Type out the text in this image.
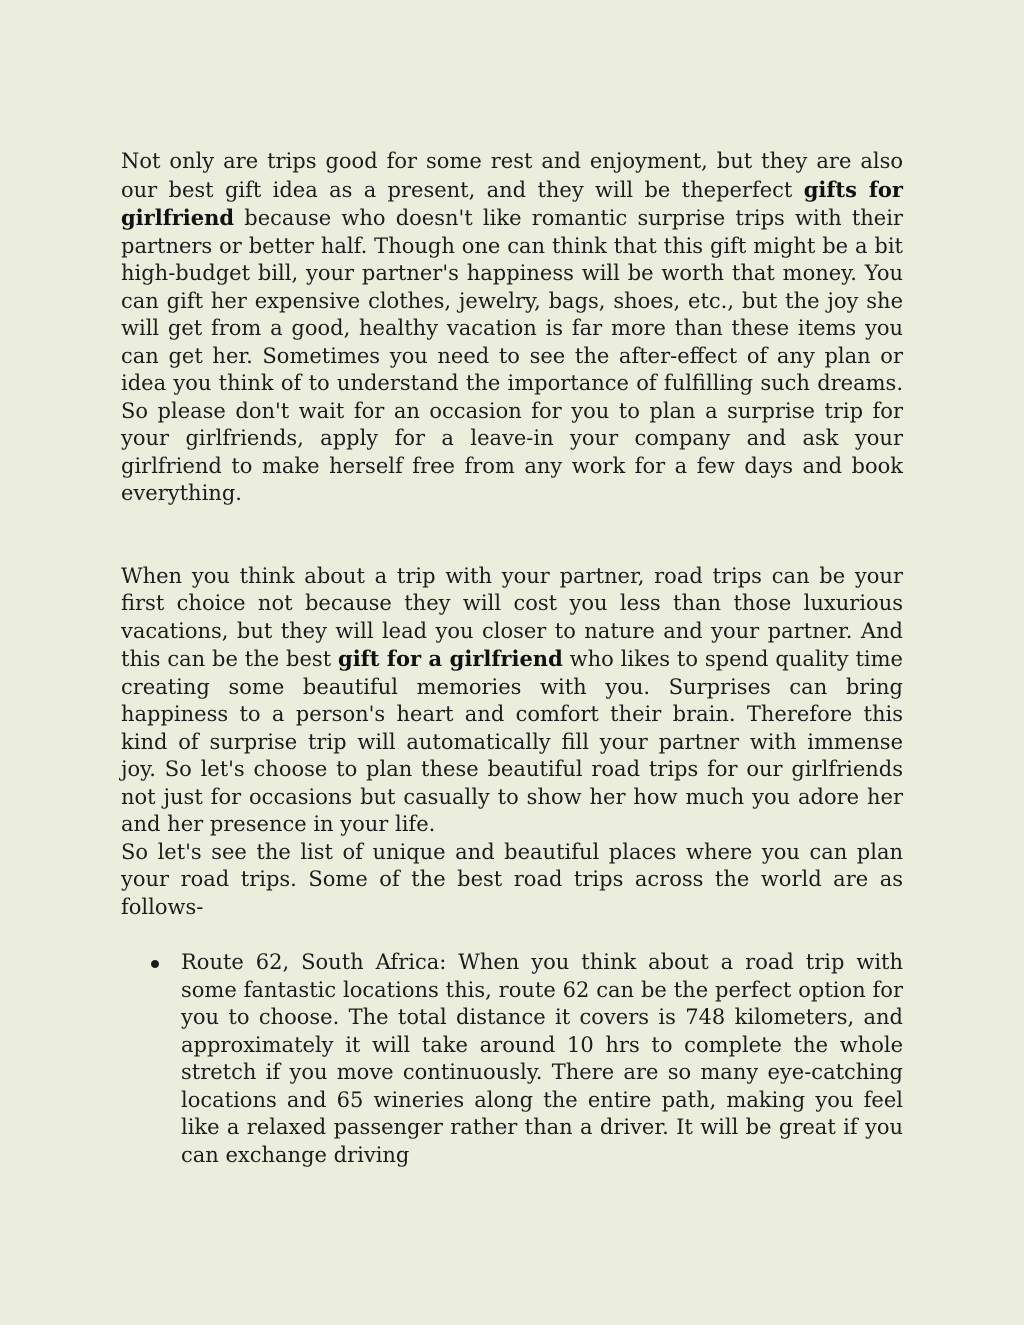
Not only are trips good for some rest and enjoyment, but they are also our best gift idea as a present, and they will be theperfect gifts for girlfriend because who doesn't like romantic surprise trips with their partners or better half. Though one can think that this gift might be a bit high-budget bill, your partner's happiness will be worth that money. You can gift her expensive clothes, jewelry, bags, shoes, etc., but the joy she will get from a good, healthy vacation is far more than these items you can get her. Sometimes you need to see the after-effect of any plan or idea you think of to understand the importance of fulfilling such dreams. So please don't wait for an occasion for you to plan a surprise trip for your girlfriends, apply for a leave-in your company and ask your girlfriend to make herself free from any work for a few days and book everything.

When you think about a trip with your partner, road trips can be your first choice not because they will cost you less than those luxurious vacations, but they will lead you closer to nature and your partner. And this can be the best gift for a girlfriend who likes to spend quality time creating some beautiful memories with you. Surprises can bring happiness to a person's heart and comfort their brain. Therefore this kind of surprise trip will automatically fill your partner with immense joy. So let's choose to plan these beautiful road trips for our girlfriends not just for occasions but casually to show her how much you adore her and her presence in your life.

So let's see the list of unique and beautiful places where you can plan your road trips. Some of the best road trips across the world are as follows-

Route 62, South Africa: When you think about a road trip with some fantastic locations this, route 62 can be the perfect option for you to choose. The total distance it covers is 748 kilometers, and approximately it will take around 10 hrs to complete the whole stretch if you move continuously. There are so many eye-catching locations and 65 wineries along the entire path, making you feel like a relaxed passenger rather than a driver. It will be great if you can exchange driving
